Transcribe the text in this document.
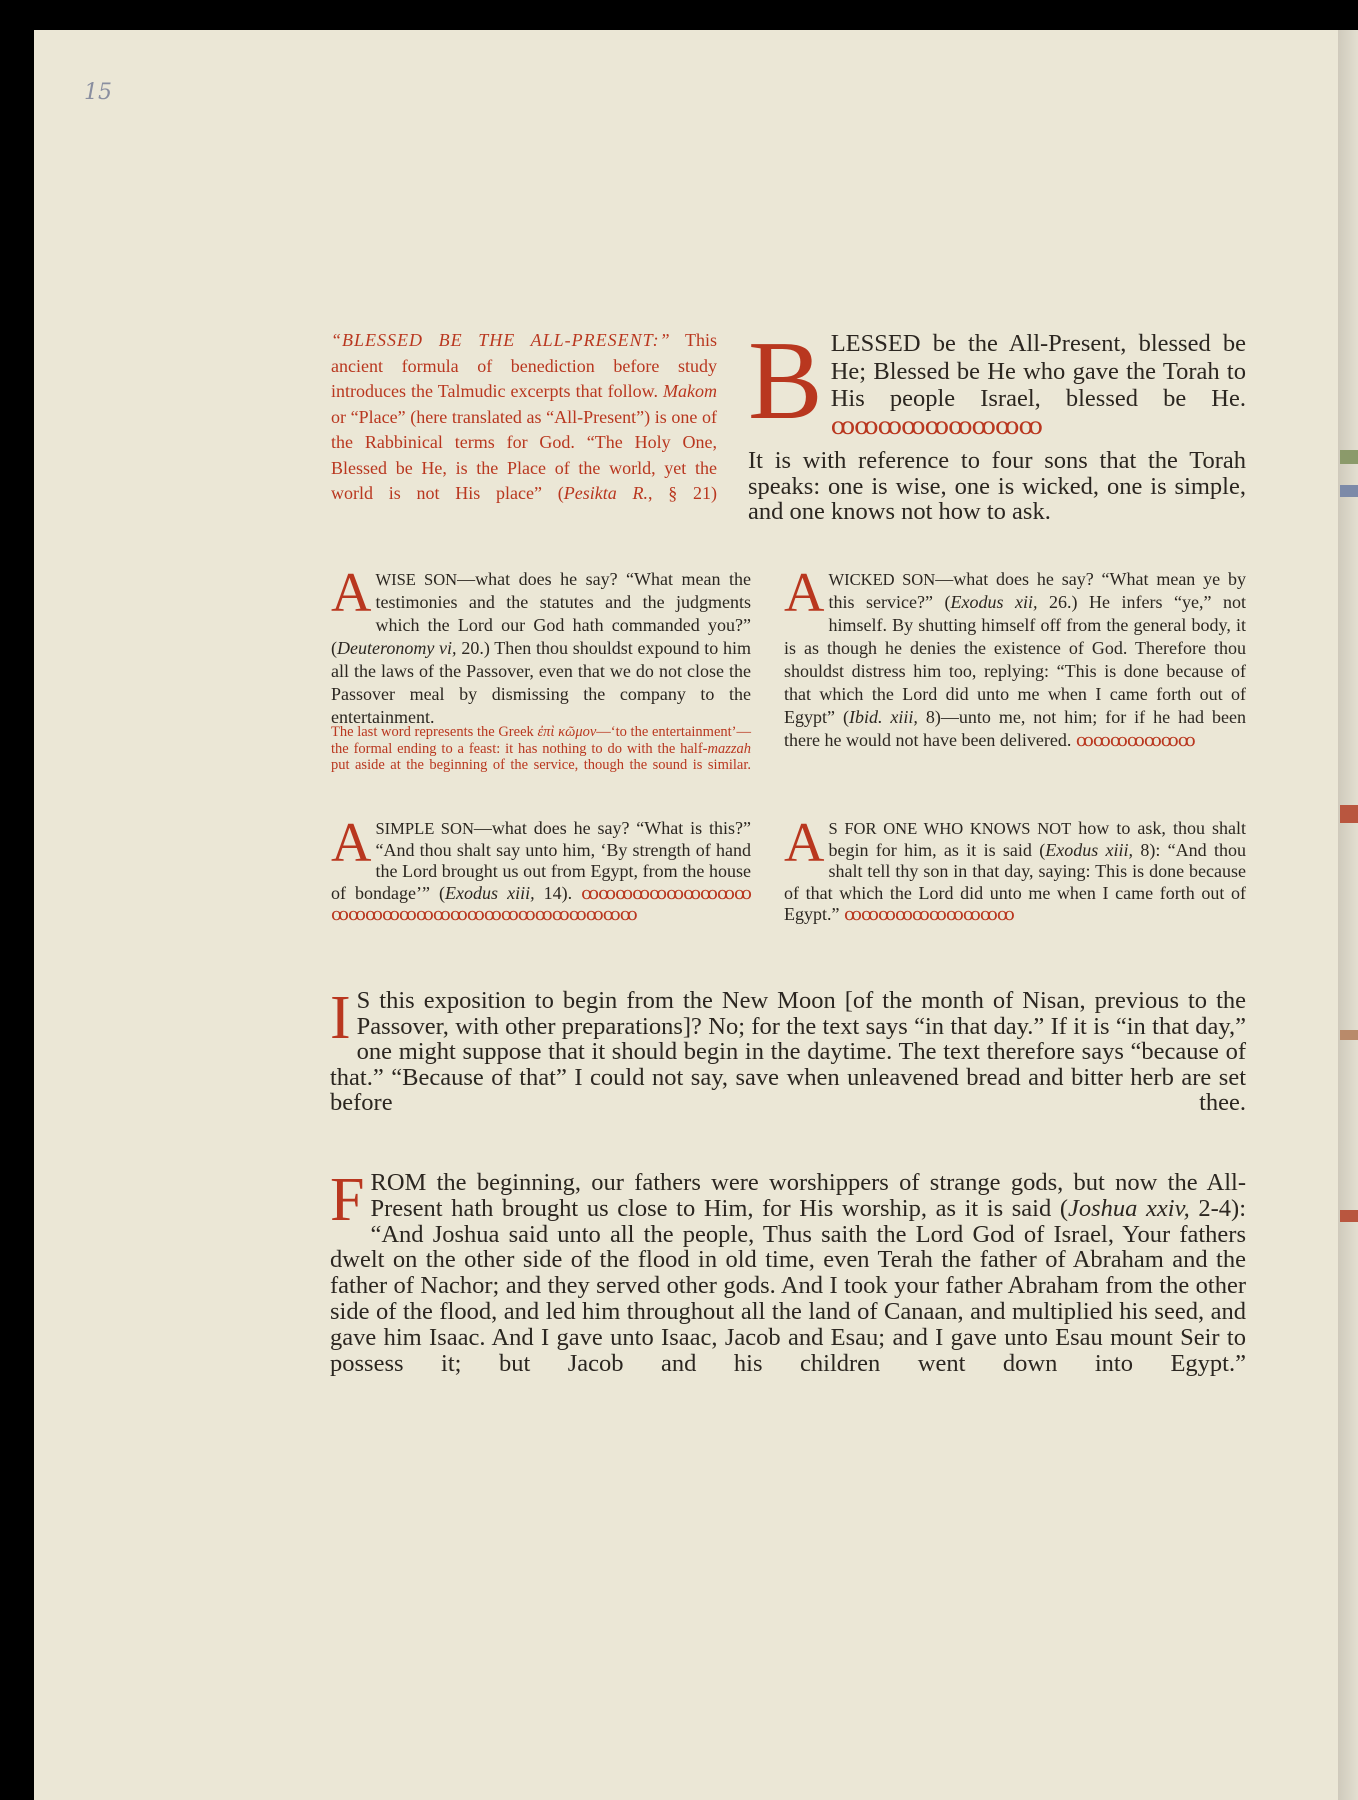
15
“BLESSED BE THE ALL-PRESENT:” This ancient formula of benediction before study introduces the Talmudic excerpts that follow. Makom or “Place” (here translated as “All-Present”) is one of the Rabbinical terms for God. “The Holy One, Blessed be He, is the Place of the world, yet the world is not His place” (Pesikta R., § 21)
B LESSED be the All-Present, blessed be He; Blessed be He who gave the Torah to His people Israel, blessed be He. ꝏꝏꝏꝏꝏꝏꝏꝏꝏ
It is with reference to four sons that the Torah speaks: one is wise, one is wicked, one is simple, and one knows not how to ask.
A WISE SON—what does he say? “What mean the testimonies and the statutes and the judgments which the Lord our God hath commanded you?” (Deuteronomy vi, 20.) Then thou shouldst expound to him all the laws of the Passover, even that we do not close the Passover meal by dismissing the company to the entertainment.
The last word represents the Greek ἐπὶ κῶμον—‘to the entertainment’—the formal ending to a feast: it has nothing to do with the half-mazzah put aside at the beginning of the service, though the sound is similar.
A WICKED SON—what does he say? “What mean ye by this service?” (Exodus xii, 26.) He infers “ye,” not himself. By shutting himself off from the general body, it is as though he denies the existence of God. Therefore thou shouldst distress him too, replying: “This is done because of that which the Lord did unto me when I came forth out of Egypt” (Ibid. xiii, 8)—unto me, not him; for if he had been there he would not have been delivered. ꝏꝏꝏꝏꝏꝏꝏ
A SIMPLE SON—what does he say? “What is this?” “And thou shalt say unto him, ‘By strength of hand the Lord brought us out from Egypt, from the house of bondage’” (Exodus xiii, 14). ꝏꝏꝏꝏꝏꝏꝏꝏꝏꝏ ꝏꝏꝏꝏꝏꝏꝏꝏꝏꝏꝏꝏꝏꝏꝏꝏꝏꝏ
A S FOR ONE WHO KNOWS NOT how to ask, thou shalt begin for him, as it is said (Exodus xiii, 8): “And thou shalt tell thy son in that day, saying: This is done because of that which the Lord did unto me when I came forth out of Egypt.” ꝏꝏꝏꝏꝏꝏꝏꝏꝏꝏ
I S this exposition to begin from the New Moon [of the month of Nisan, previous to the Passover, with other preparations]? No; for the text says “in that day.” If it is “in that day,” one might suppose that it should begin in the daytime. The text therefore says “because of that.” “Because of that” I could not say, save when unleavened bread and bitter herb are set before thee.
F ROM the beginning, our fathers were worshippers of strange gods, but now the All-Present hath brought us close to Him, for His worship, as it is said (Joshua xxiv, 2-4): “And Joshua said unto all the people, Thus saith the Lord God of Israel, Your fathers dwelt on the other side of the flood in old time, even Terah the father of Abraham and the father of Nachor; and they served other gods. And I took your father Abraham from the other side of the flood, and led him throughout all the land of Canaan, and multiplied his seed, and gave him Isaac. And I gave unto Isaac, Jacob and Esau; and I gave unto Esau mount Seir to possess it; but Jacob and his children went down into Egypt.”
